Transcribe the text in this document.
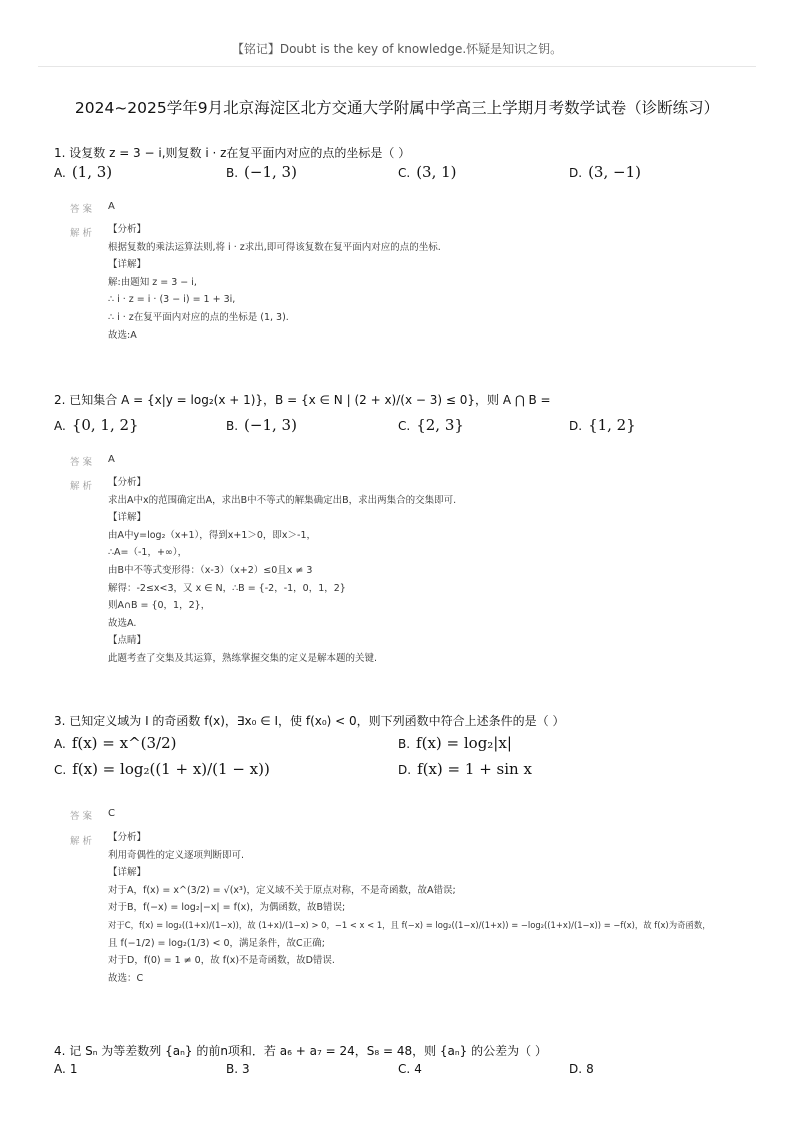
【铭记】Doubt is the key of knowledge.怀疑是知识之钥。
2024~2025学年9月北京海淀区北方交通大学附属中学高三上学期月考数学试卷（诊断练习）
1. 设复数 z = 3 − i,则复数 i · z在复平面内对应的点的坐标是（ ）
A. (1, 3)	B. (−1, 3)	C. (3, 1)	D. (3, −1)
答案 A
解析 【分析】
根据复数的乘法运算法则,将 i · z求出,即可得该复数在复平面内对应的点的坐标.
【详解】
解:由题知 z = 3 − i,
∴ i · z = i · (3 − i) = 1 + 3i,
∴ i · z在复平面内对应的点的坐标是 (1, 3).
故选:A
2. 已知集合 A = {x|y = log₂(x + 1)}，B = {x ∈ N | (2 + x)/(x − 3) ≤ 0}，则 A ⋂ B =
A. {0, 1, 2}	B. (−1, 3)	C. {2, 3}	D. {1, 2}
答案 A
解析 【分析】
求出A中x的范围确定出A，求出B中不等式的解集确定出B，求出两集合的交集即可.
【详解】
由A中y=log₂（x+1），得到x+1＞0，即x＞-1，
∴A=（-1，+∞），
由B中不等式变形得：（x-3）（x+2）≤0且x ≠ 3
解得：-2≤x<3，又 x ∈ N，∴B = {-2，-1，0，1，2}
则A∩B = {0，1，2}，
故选A.
【点睛】
此题考查了交集及其运算，熟练掌握交集的定义是解本题的关键.
3. 已知定义域为 I 的奇函数 f(x)，∃x₀ ∈ I，使 f(x₀) < 0，则下列函数中符合上述条件的是（ ）
A. f(x) = x^(3/2)	B. f(x) = log₂|x|
C. f(x) = log₂((1 + x)/(1 − x))	D. f(x) = 1 + sin x
答案 C
解析 【分析】
利用奇偶性的定义逐项判断即可.
【详解】
对于A，f(x) = x^(3/2) = √(x³)，定义域不关于原点对称，不是奇函数，故A错误;
对于B，f(−x) = log₂|−x| = f(x)，为偶函数，故B错误;
对于C，f(x) = log₂((1+x)/(1−x))，故 (1+x)/(1−x) > 0，−1 < x < 1，且 f(−x) = log₂((1−x)/(1+x)) = −log₂((1+x)/(1−x)) = −f(x)，故 f(x)为奇函数，
且 f(−1/2) = log₂(1/3) < 0，满足条件，故C正确;
对于D，f(0) = 1 ≠ 0，故 f(x)不是奇函数，故D错误.
故选：C
4. 记 Sₙ 为等差数列 {aₙ} 的前n项和．若 a₆ + a₇ = 24，S₈ = 48，则 {aₙ} 的公差为（ ）
A. 1	B. 3	C. 4	D. 8
